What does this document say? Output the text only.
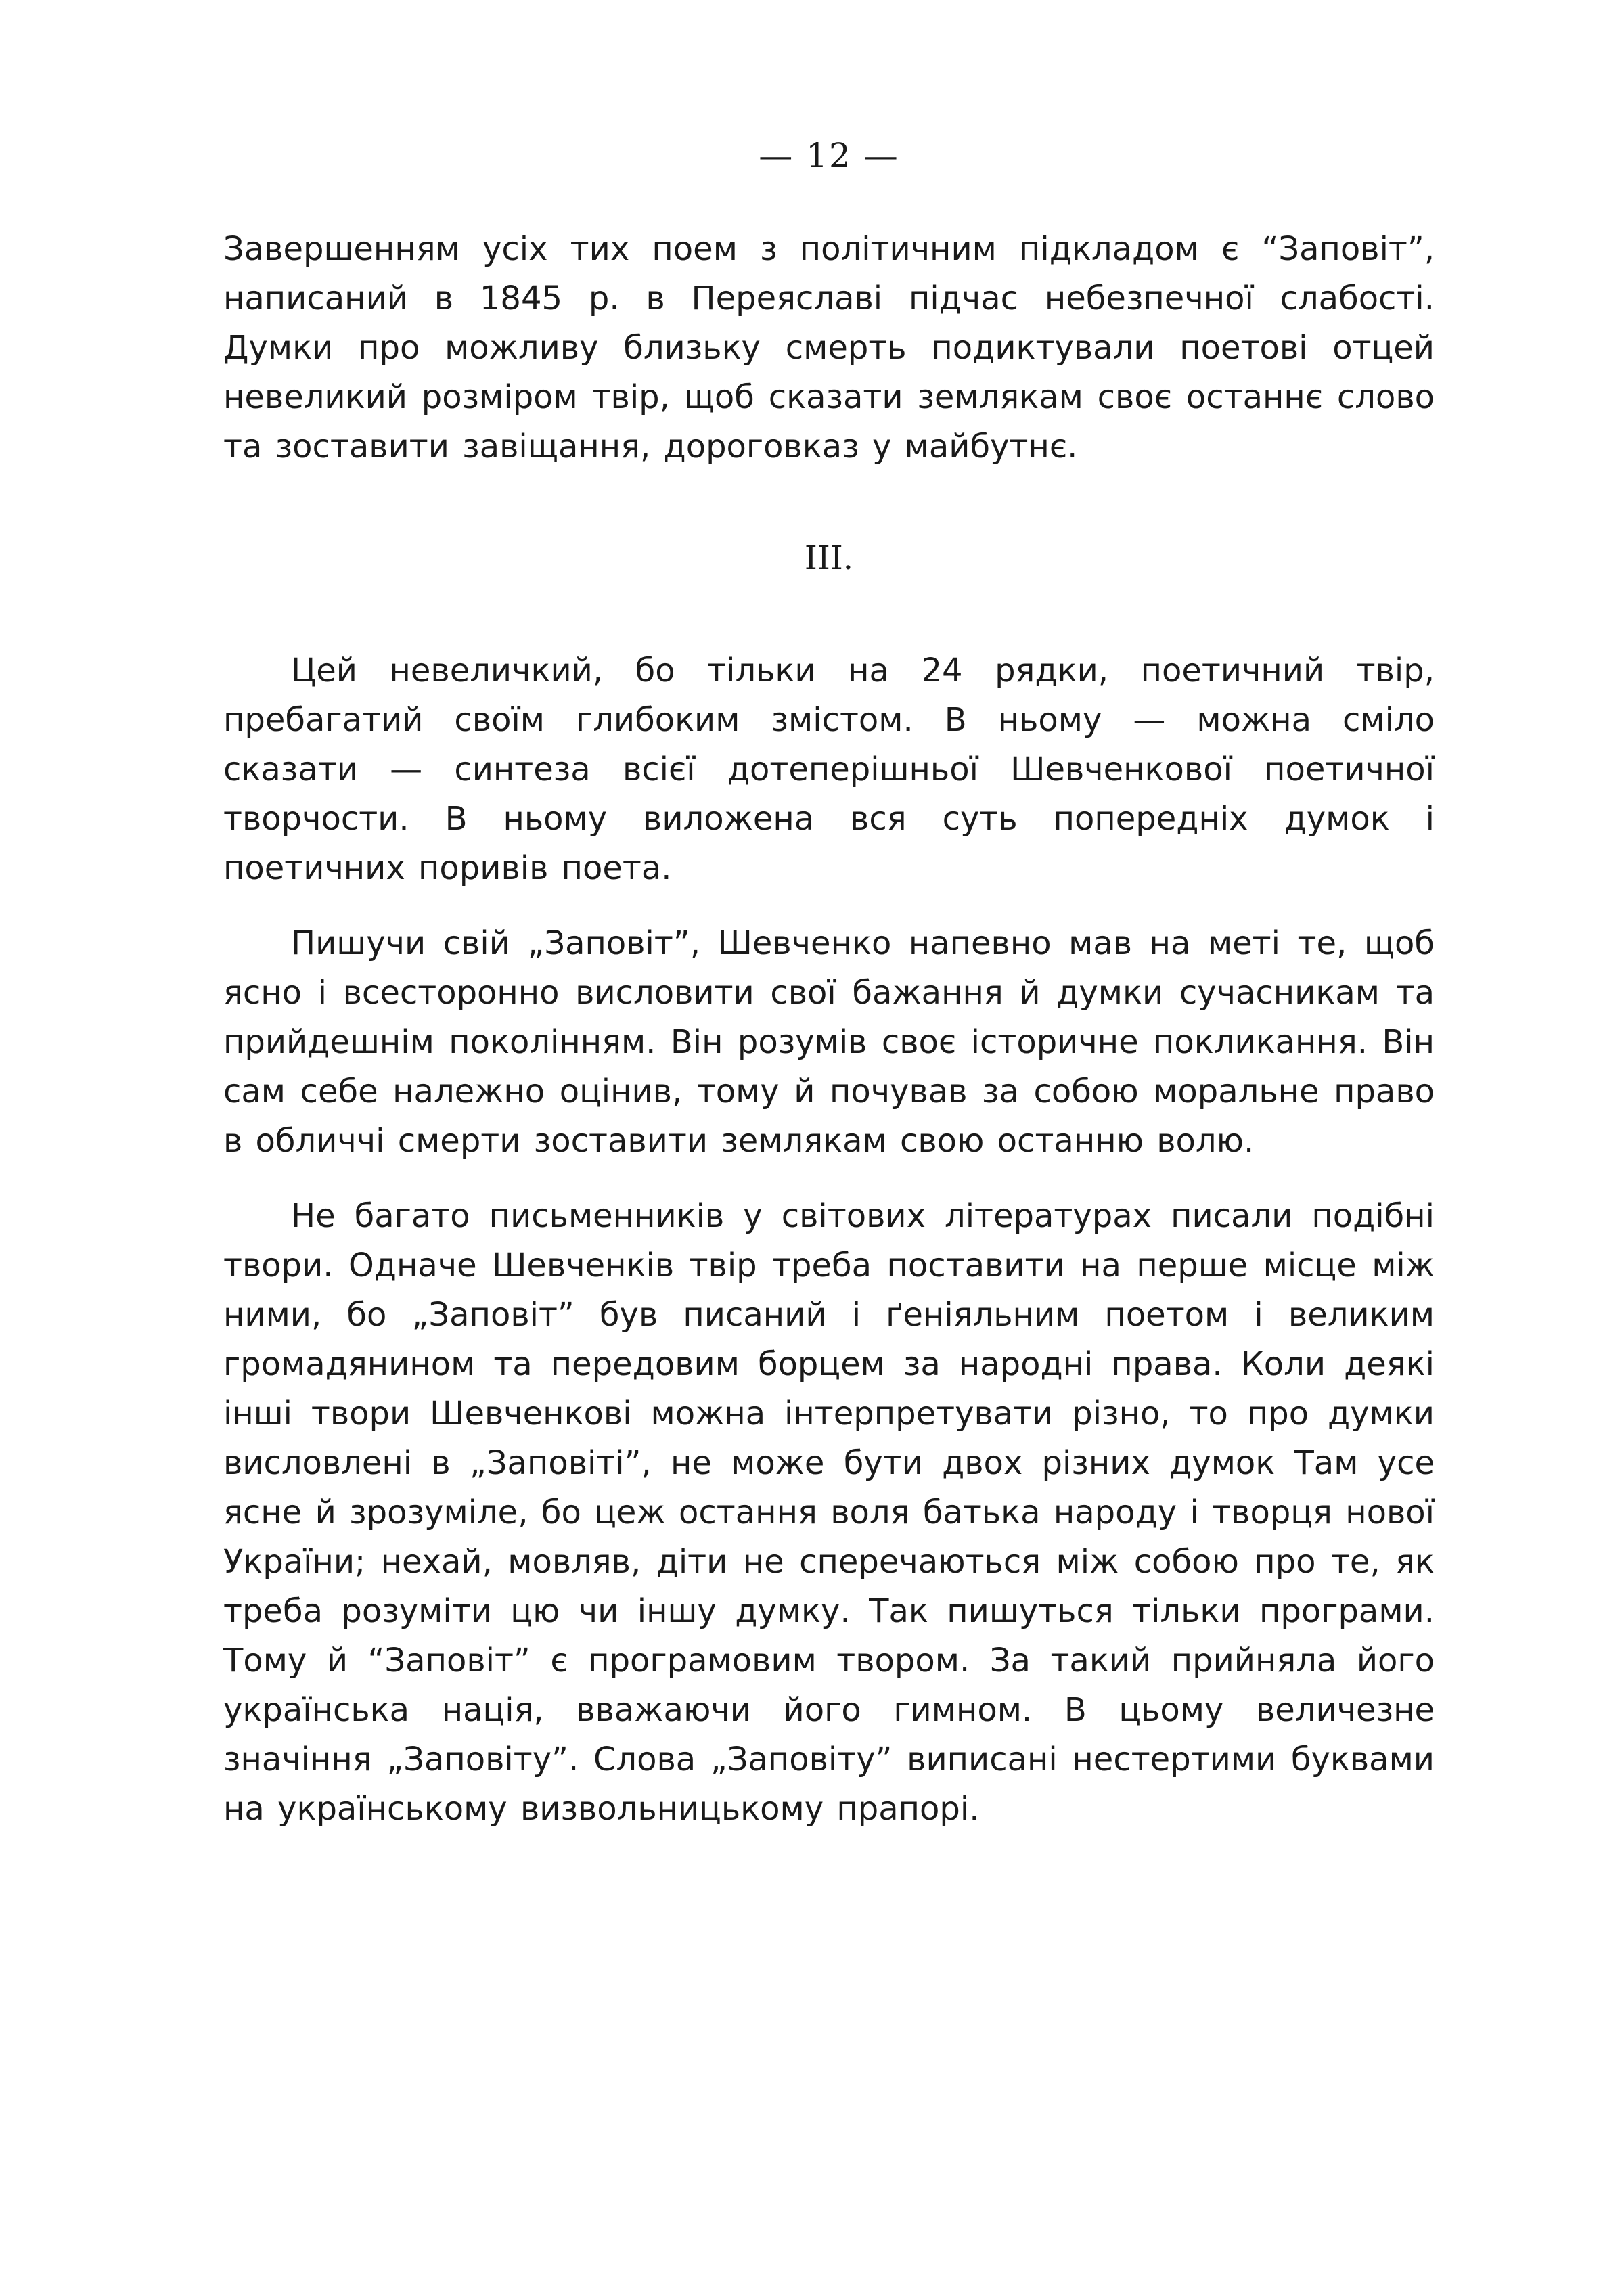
— 12 —

Завершенням усіх тих поем з політичним підкладом є “Заповіт”, написаний в 1845 р. в Переяславі підчас небезпечної слабості. Думки про можливу близьку смерть подиктували поетові отцей невеликий розміром твір, щоб сказати землякам своє останнє слово та зоставити завіщання, дороговказ у майбутнє.

III.

Цей невеличкий, бо тільки на 24 рядки, поетичний твір, пребагатий своїм глибоким змістом. В ньому — можна сміло сказати — синтеза всієї дотеперішньої Шевченкової поетичної творчости. В ньому виложена вся суть попередніх думок і поетичних поривів поета.

Пишучи свій „Заповіт”, Шевченко напевно мав на меті те, щоб ясно і всесторонно висловити свої бажання й думки сучасникам та прийдешнім поколінням. Він розумів своє історичне покликання. Він сам себе належно оцінив, тому й почував за собою моральне право в обличчі смерти зоставити землякам свою останню волю.

Не багато письменників у світових літературах писали подібні твори. Одначе Шевченків твір треба поставити на перше місце між ними, бо „Заповіт” був писаний і ґеніяльним поетом і великим громадянином та передовим борцем за народні права. Коли деякі інші твори Шевченкові можна інтерпретувати різно, то про думки висловлені в „Заповіті”, не може бути двох різних думок Там усе ясне й зрозуміле, бо цеж остання воля батька народу і творця нової України; нехай, мовляв, діти не сперечаються між собою про те, як треба розуміти цю чи іншу думку. Так пишуться тільки програми. Тому й “Заповіт” є програмовим твором. За такий прийняла його українська нація, вважаючи його гимном. В цьому величезне значіння „Заповіту”. Слова „Заповіту” виписані нестертими буквами на українському визвольницькому прапорі.
